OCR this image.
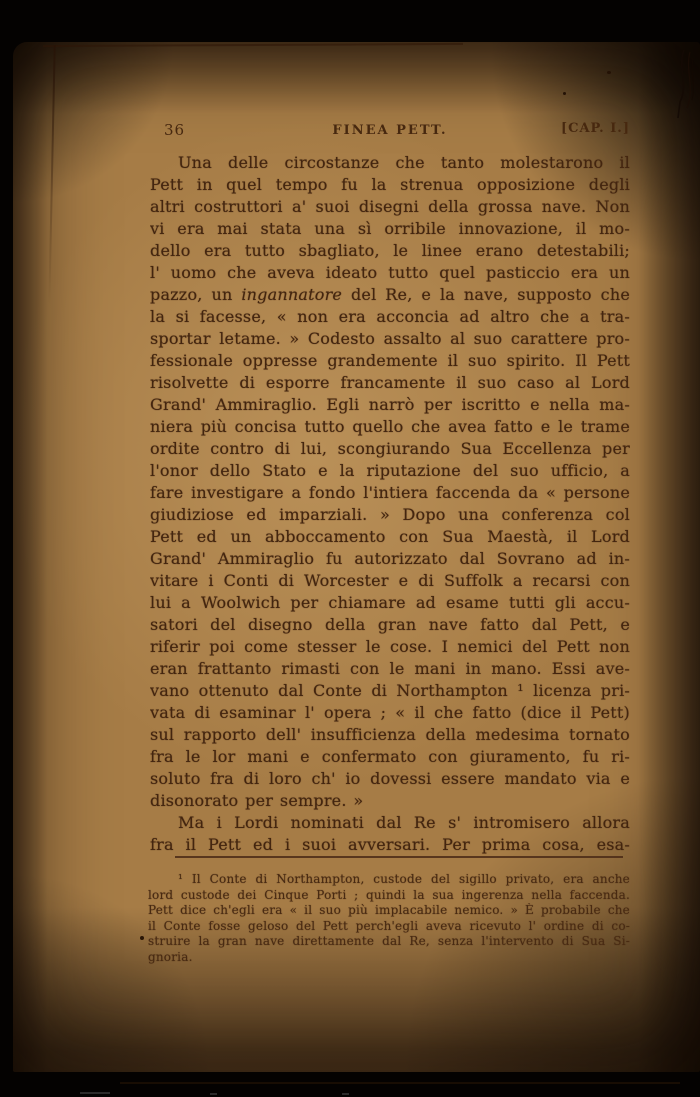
36	FINEA PETT.	[CAP. I.]
Una delle circostanze che tanto molestarono il
Pett in quel tempo fu la strenua opposizione degli
altri costruttori a' suoi disegni della grossa nave. Non
vi era mai stata una sì orribile innovazione, il mo-
dello era tutto sbagliato, le linee erano detestabili;
l' uomo che aveva ideato tutto quel pasticcio era un
pazzo, un ingannatore del Re, e la nave, supposto che
la si facesse, « non era acconcia ad altro che a tra-
sportar letame. » Codesto assalto al suo carattere pro-
fessionale oppresse grandemente il suo spirito. Il Pett
risolvette di esporre francamente il suo caso al Lord
Grand' Ammiraglio. Egli narrò per iscritto e nella ma-
niera più concisa tutto quello che avea fatto e le trame
ordite contro di lui, scongiurando Sua Eccellenza per
l'onor dello Stato e la riputazione del suo ufficio, a
fare investigare a fondo l'intiera faccenda da « persone
giudiziose ed imparziali. » Dopo una conferenza col
Pett ed un abboccamento con Sua Maestà, il Lord
Grand' Ammiraglio fu autorizzato dal Sovrano ad in-
vitare i Conti di Worcester e di Suffolk a recarsi con
lui a Woolwich per chiamare ad esame tutti gli accu-
satori del disegno della gran nave fatto dal Pett, e
riferir poi come stesser le cose. I nemici del Pett non
eran frattanto rimasti con le mani in mano. Essi ave-
vano ottenuto dal Conte di Northampton ¹ licenza pri-
vata di esaminar l' opera ; « il che fatto (dice il Pett)
sul rapporto dell' insufficienza della medesima tornato
fra le lor mani e confermato con giuramento, fu ri-
soluto fra di loro ch' io dovessi essere mandato via e
disonorato per sempre. »
Ma i Lordi nominati dal Re s' intromisero allora
fra il Pett ed i suoi avversari. Per prima cosa, esa-
¹ Il Conte di Northampton, custode del sigillo privato, era anche
lord custode dei Cinque Porti ; quindi la sua ingerenza nella faccenda.
Pett dice ch'egli era « il suo più implacabile nemico. » È probabile che
il Conte fosse geloso del Pett perch'egli aveva ricevuto l' ordine di co-
struire la gran nave direttamente dal Re, senza l'intervento di Sua Si-
gnoria.
